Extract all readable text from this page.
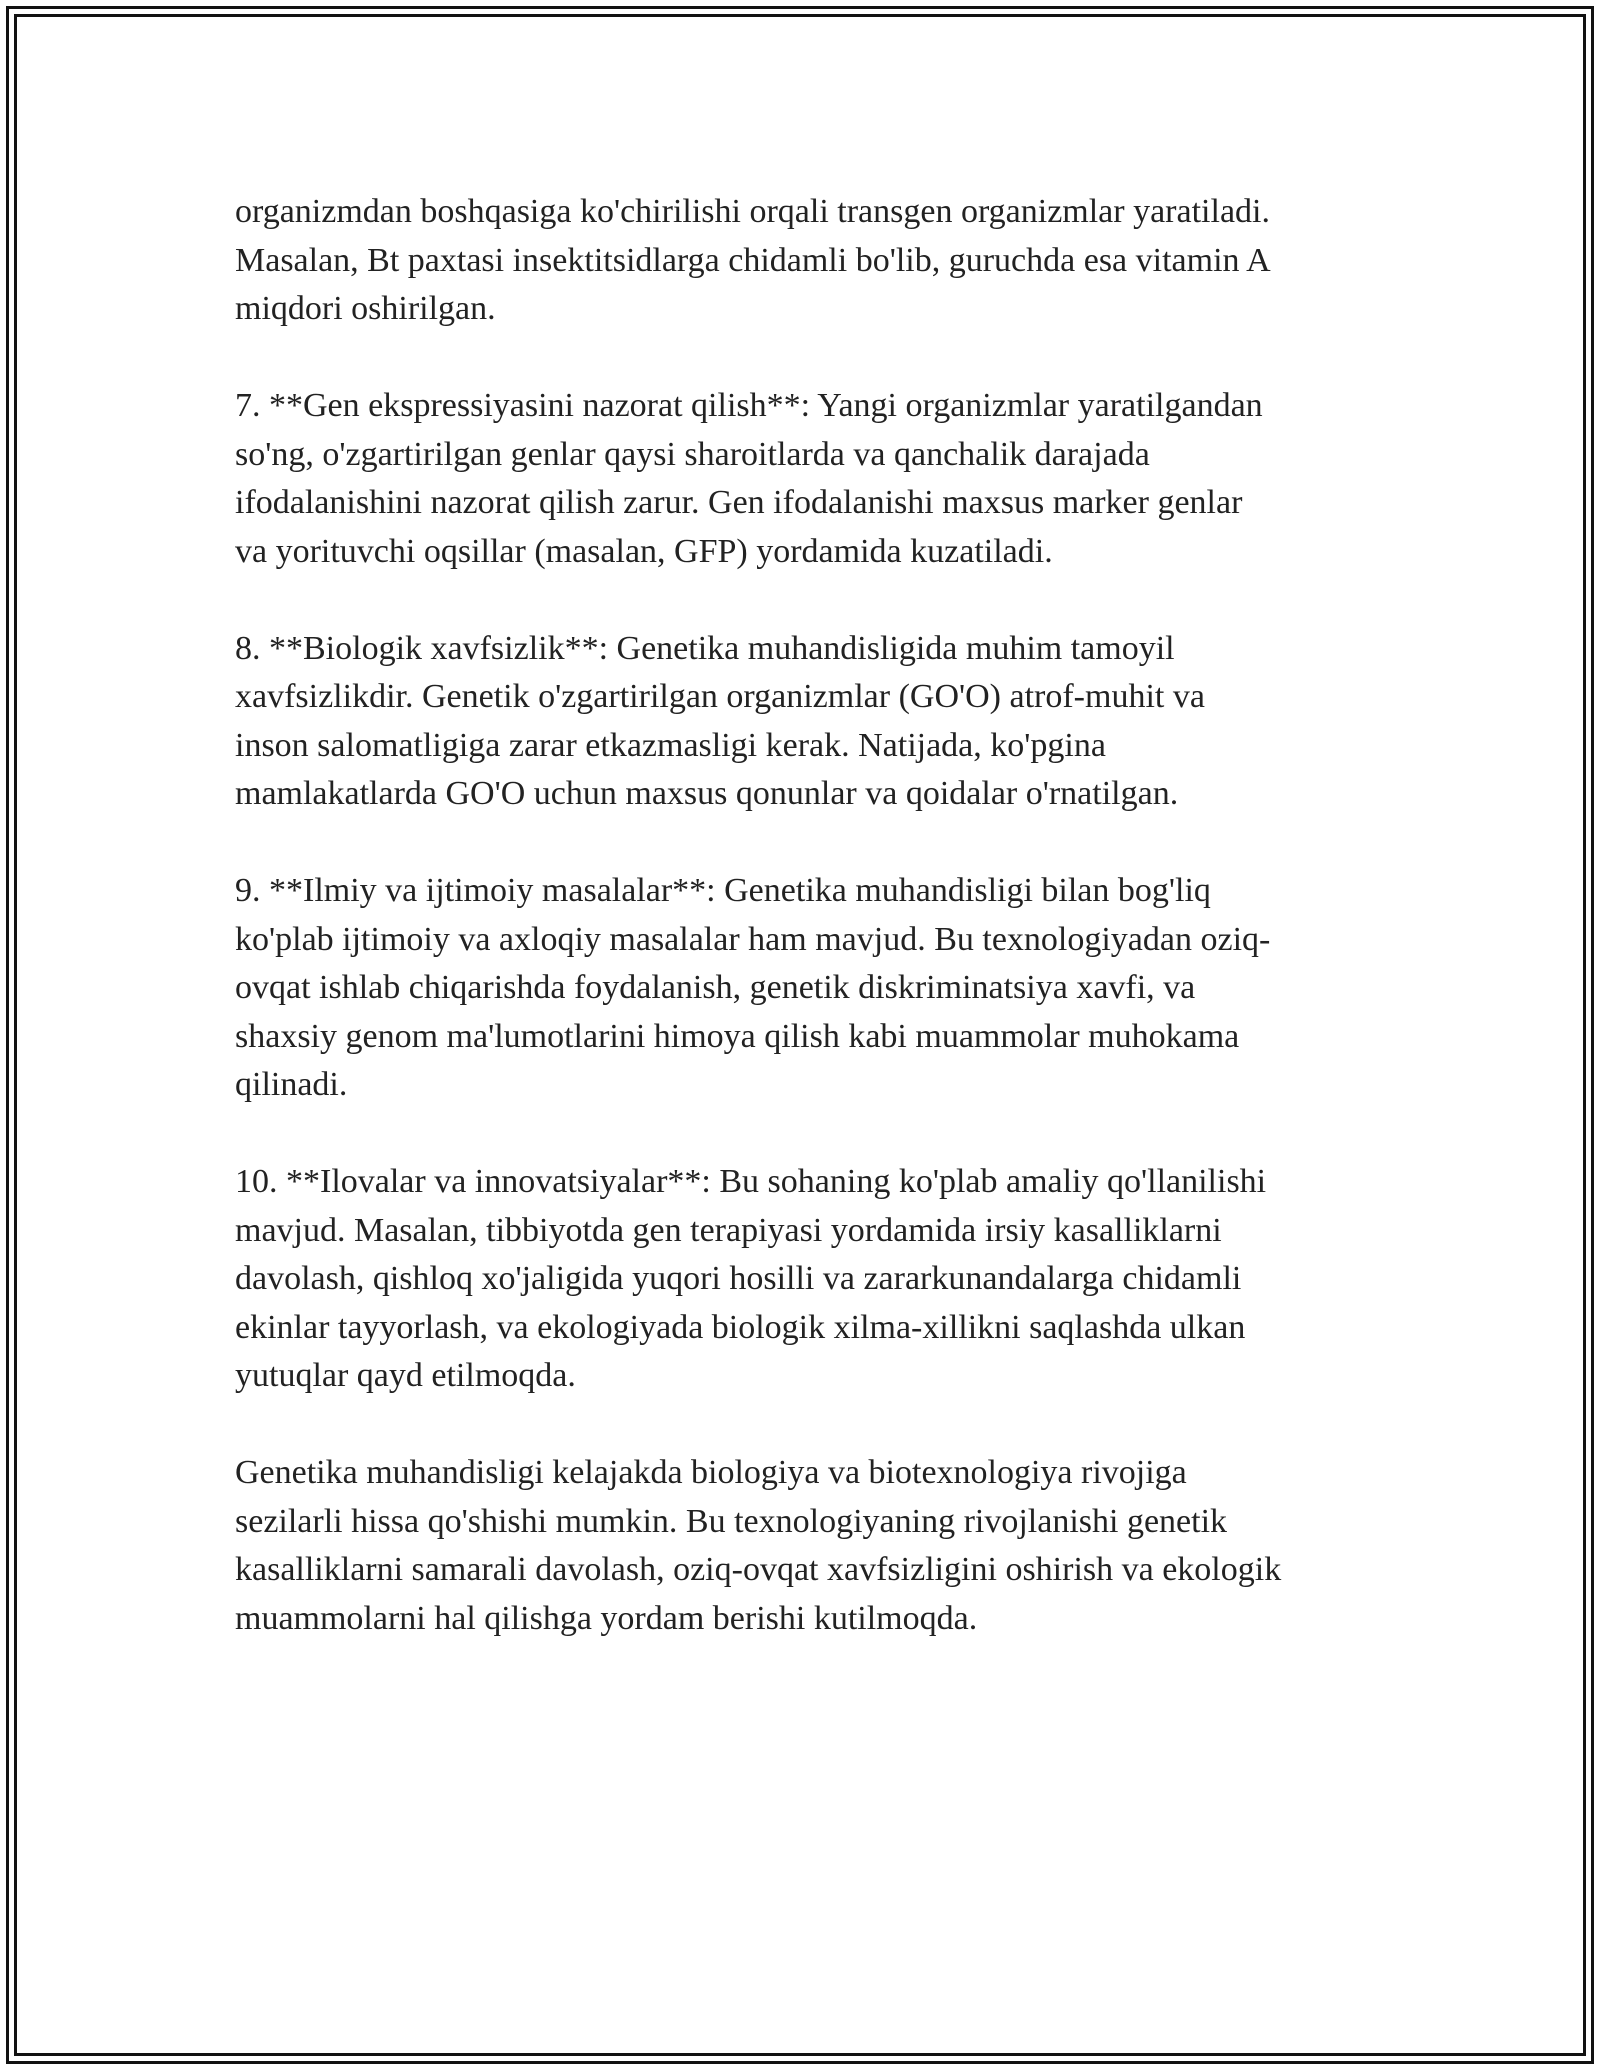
organizmdan boshqasiga ko'chirilishi orqali transgen organizmlar yaratiladi.
Masalan, Bt paxtasi insektitsidlarga chidamli bo'lib, guruchda esa vitamin A
miqdori oshirilgan.

7. **Gen ekspressiyasini nazorat qilish**: Yangi organizmlar yaratilgandan
so'ng, o'zgartirilgan genlar qaysi sharoitlarda va qanchalik darajada
ifodalanishini nazorat qilish zarur. Gen ifodalanishi maxsus marker genlar
va yorituvchi oqsillar (masalan, GFP) yordamida kuzatiladi.

8. **Biologik xavfsizlik**: Genetika muhandisligida muhim tamoyil
xavfsizlikdir. Genetik o'zgartirilgan organizmlar (GO'O) atrof-muhit va
inson salomatligiga zarar etkazmasligi kerak. Natijada, ko'pgina
mamlakatlarda GO'O uchun maxsus qonunlar va qoidalar o'rnatilgan.

9. **Ilmiy va ijtimoiy masalalar**: Genetika muhandisligi bilan bog'liq
ko'plab ijtimoiy va axloqiy masalalar ham mavjud. Bu texnologiyadan oziq-
ovqat ishlab chiqarishda foydalanish, genetik diskriminatsiya xavfi, va
shaxsiy genom ma'lumotlarini himoya qilish kabi muammolar muhokama
qilinadi.

10. **Ilovalar va innovatsiyalar**: Bu sohaning ko'plab amaliy qo'llanilishi
mavjud. Masalan, tibbiyotda gen terapiyasi yordamida irsiy kasalliklarni
davolash, qishloq xo'jaligida yuqori hosilli va zararkunandalarga chidamli
ekinlar tayyorlash, va ekologiyada biologik xilma-xillikni saqlashda ulkan
yutuqlar qayd etilmoqda.

Genetika muhandisligi kelajakda biologiya va biotexnologiya rivojiga
sezilarli hissa qo'shishi mumkin. Bu texnologiyaning rivojlanishi genetik
kasalliklarni samarali davolash, oziq-ovqat xavfsizligini oshirish va ekologik
muammolarni hal qilishga yordam berishi kutilmoqda.
